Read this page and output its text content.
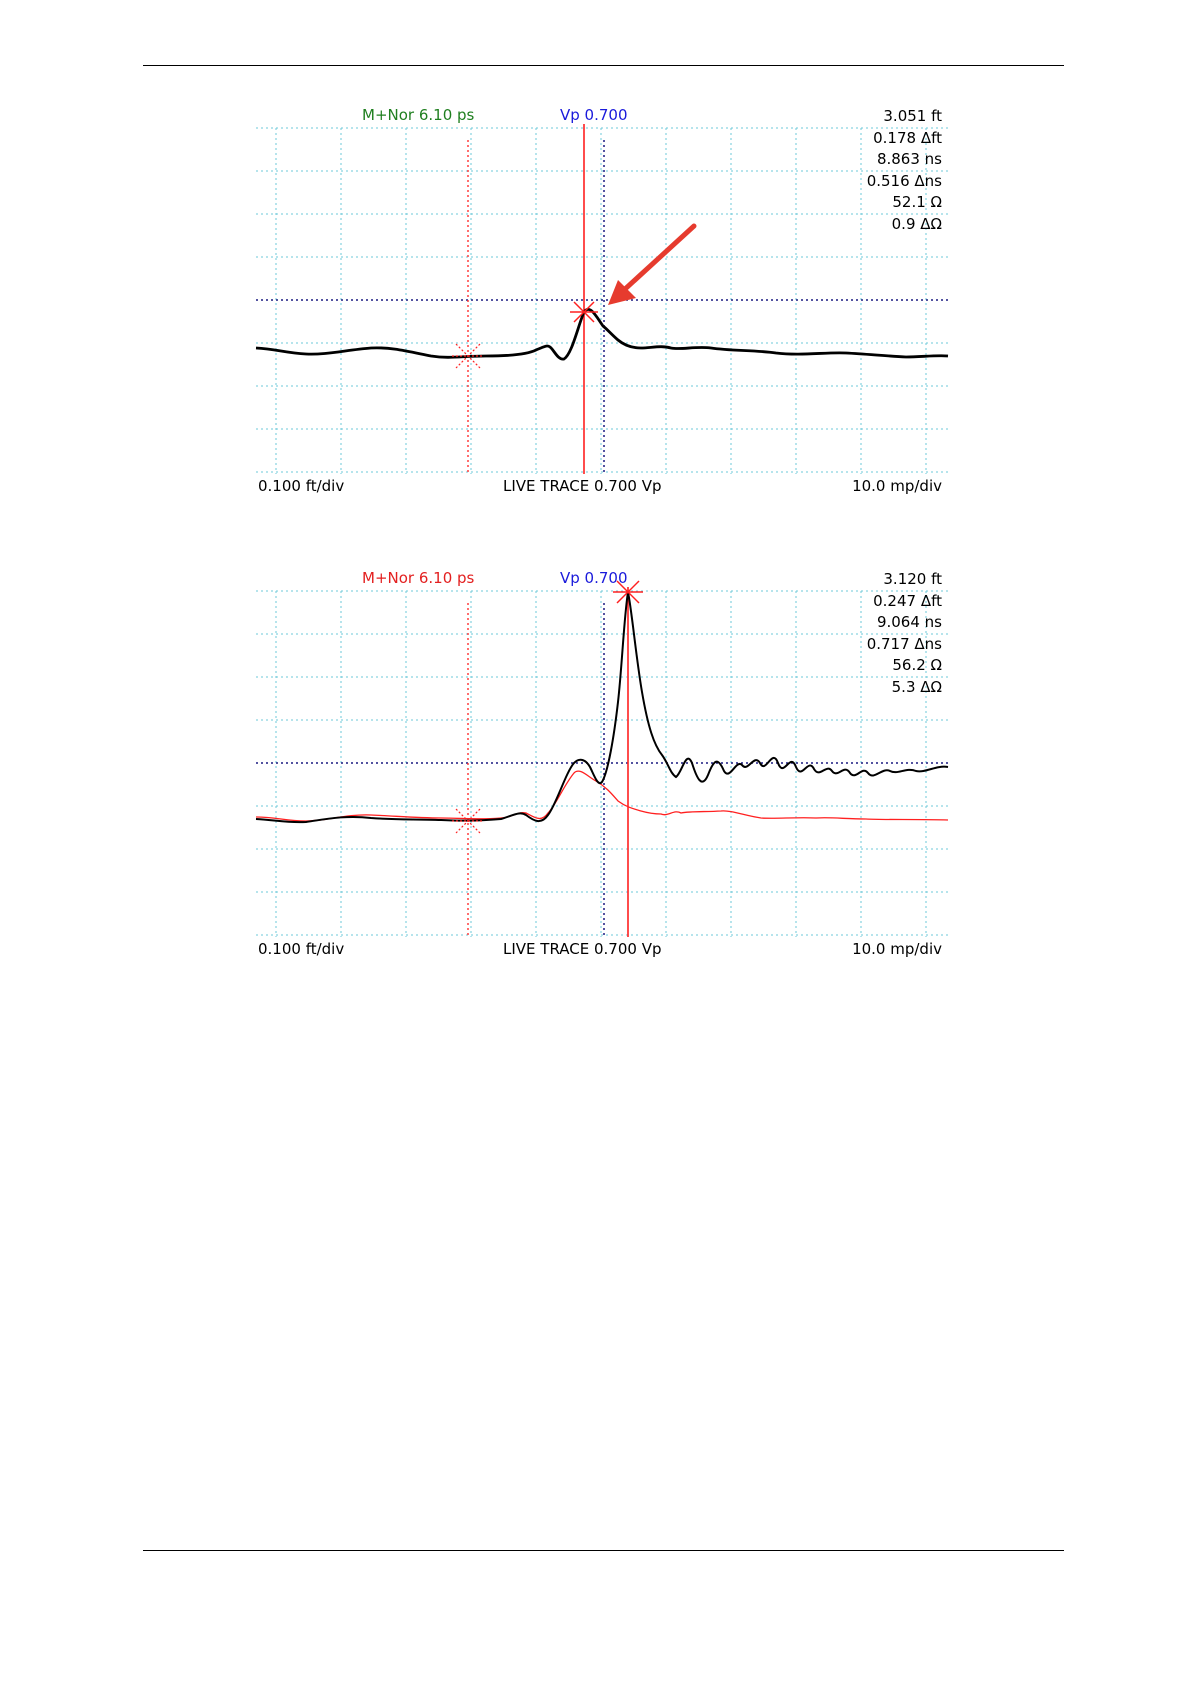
M+Nor 6.10 ps	Vp 0.700	3.051 ft
0.178 Δft
8.863 ns
0.516 Δns
52.1 Ω
0.9 ΔΩ
0.100 ft/div	LIVE TRACE 0.700 Vp	10.0 mp/div
M+Nor 6.10 ps	Vp 0.700	3.120 ft
0.247 Δft
9.064 ns
0.717 Δns
56.2 Ω
5.3 ΔΩ
0.100 ft/div	LIVE TRACE 0.700 Vp	10.0 mp/div
